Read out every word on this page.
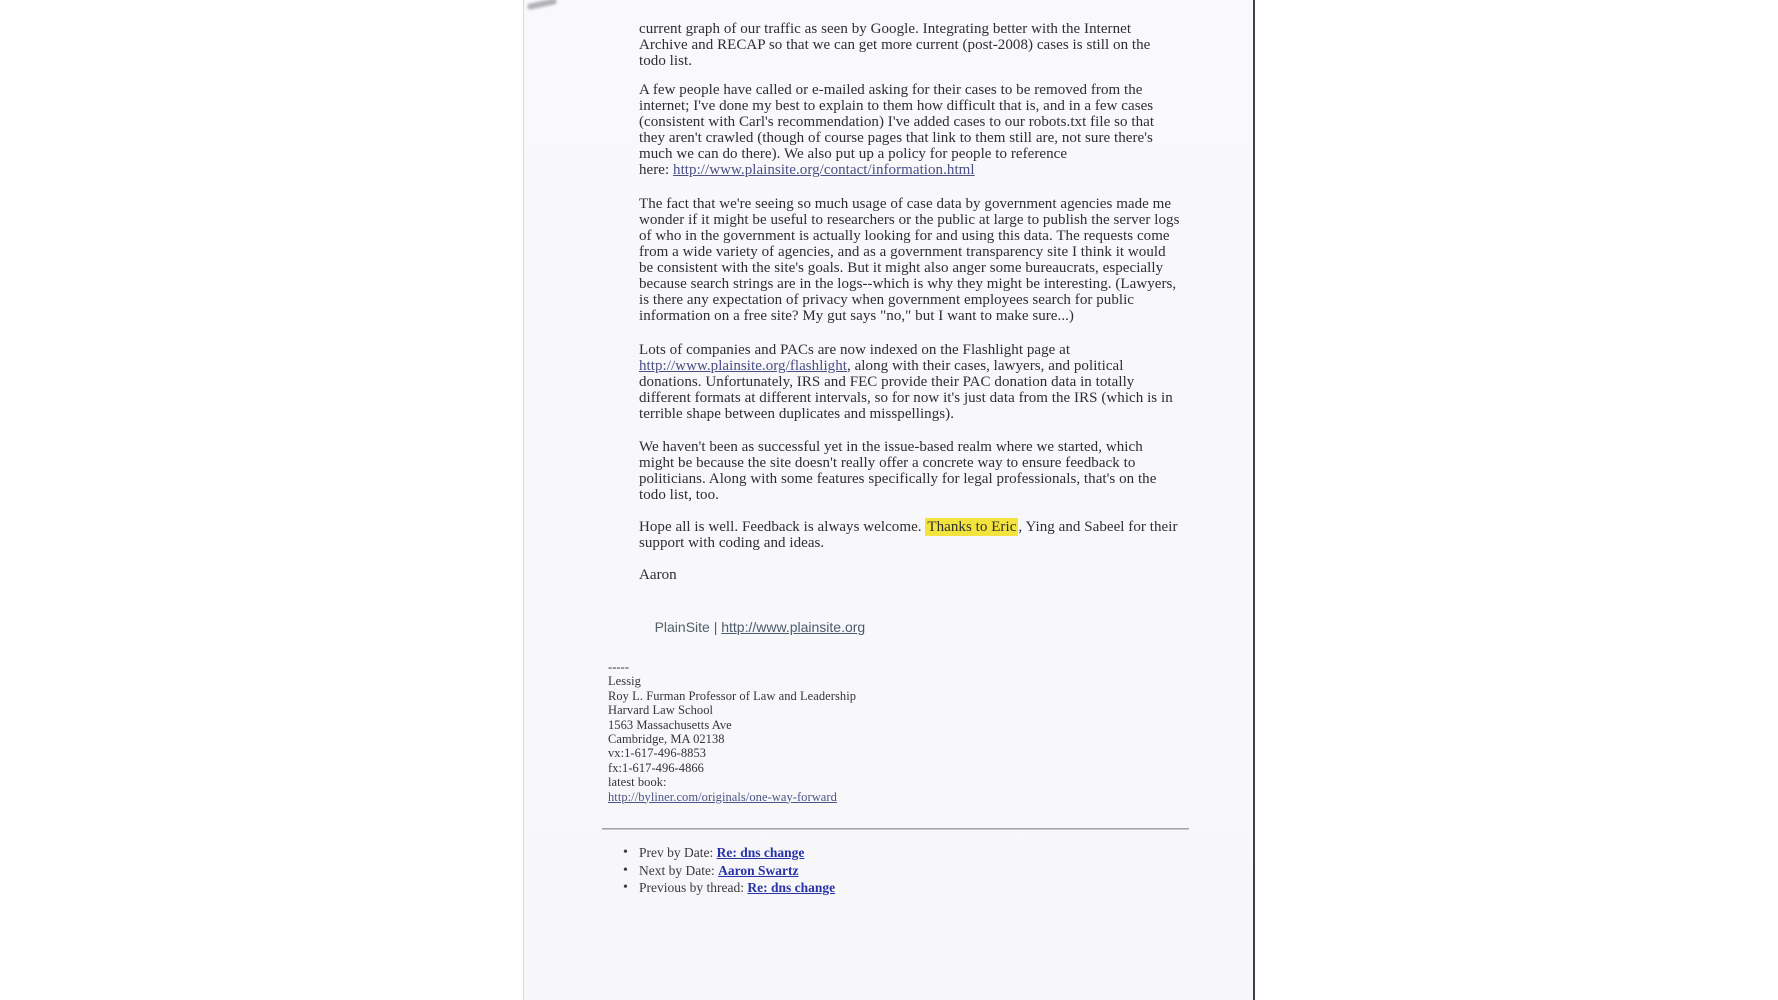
current graph of our traffic as seen by Google. Integrating better with the Internet
Archive and RECAP so that we can get more current (post-2008) cases is still on the
todo list.
A few people have called or e-mailed asking for their cases to be removed from the
internet; I've done my best to explain to them how difficult that is, and in a few cases
(consistent with Carl's recommendation) I've added cases to our robots.txt file so that
they aren't crawled (though of course pages that link to them still are, not sure there's
much we can do there). We also put up a policy for people to reference
here: http://www.plainsite.org/contact/information.html
The fact that we're seeing so much usage of case data by government agencies made me
wonder if it might be useful to researchers or the public at large to publish the server logs
of who in the government is actually looking for and using this data. The requests come
from a wide variety of agencies, and as a government transparency site I think it would
be consistent with the site's goals. But it might also anger some bureaucrats, especially
because search strings are in the logs--which is why they might be interesting. (Lawyers,
is there any expectation of privacy when government employees search for public
information on a free site? My gut says "no," but I want to make sure...)
Lots of companies and PACs are now indexed on the Flashlight page at
http://www.plainsite.org/flashlight, along with their cases, lawyers, and political
donations. Unfortunately, IRS and FEC provide their PAC donation data in totally
different formats at different intervals, so for now it's just data from the IRS (which is in
terrible shape between duplicates and misspellings).
We haven't been as successful yet in the issue-based realm where we started, which
might be because the site doesn't really offer a concrete way to ensure feedback to
politicians. Along with some features specifically for legal professionals, that's on the
todo list, too.
Hope all is well. Feedback is always welcome. Thanks to Eric , Ying and Sabeel for their
support with coding and ideas.
Aaron

PlainSite | http://www.plainsite.org

-----
Lessig
Roy L. Furman Professor of Law and Leadership
Harvard Law School
1563 Massachusetts Ave
Cambridge, MA 02138
vx:1-617-496-8853
fx:1-617-496-4866
latest book:
http://byliner.com/originals/one-way-forward
• Prev by Date: Re: dns change
• Next by Date: Aaron Swartz
• Previous by thread: Re: dns change
